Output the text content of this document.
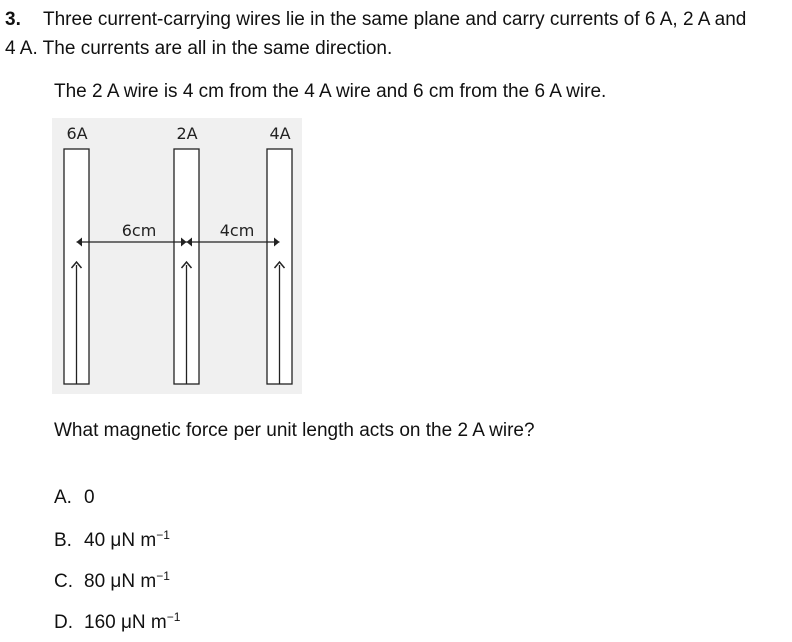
3. Three current-carrying wires lie in the same plane and carry currents of 6 A, 2 A and
4 A. The currents are all in the same direction.
The 2 A wire is 4 cm from the 4 A wire and 6 cm from the 6 A wire.
6A	2A	4A
6cm	4cm
What magnetic force per unit length acts on the 2 A wire?
A. 0
B. 40 μN $m^{-1}$
C. 80 μN $m^{-1}$
D. 160 μN $m^{-1}$
